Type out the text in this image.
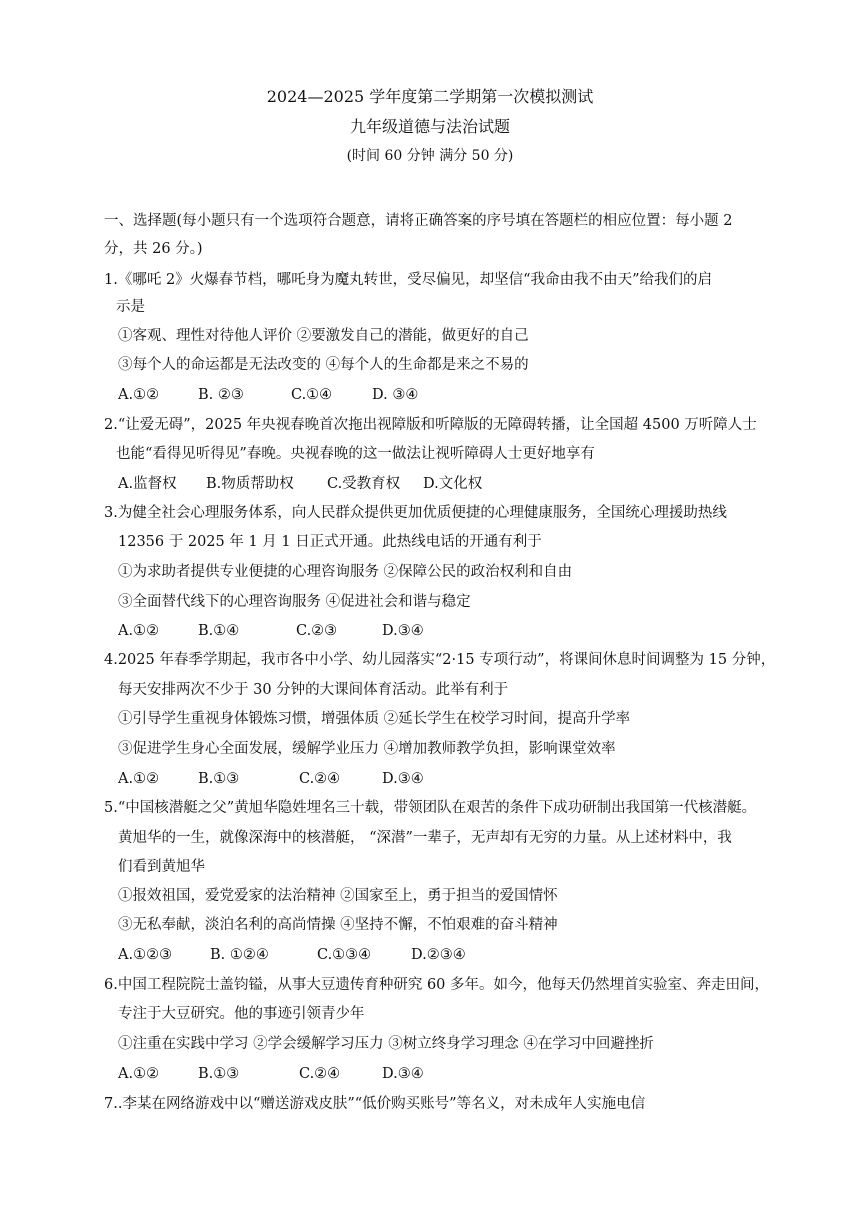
2024—2025 学年度第二学期第一次模拟测试
九年级道德与法治试题
(时间 60 分钟 满分 50 分)
一、选择题(每小题只有一个选项符合题意，请将正确答案的序号填在答题栏的相应位置：每小题 2
分，共 26 分。)
1.《哪吒 2》火爆春节档，哪吒身为魔丸转世，受尽偏见，却坚信“我命由我不由天”给我们的启
示是
①客观、理性对待他人评价 ②要激发自己的潜能，做更好的自己
③每个人的命运都是无法改变的 ④每个人的生命都是来之不易的
A.①②	B. ②③	C.①④	D. ③④
2.“让爱无碍”，2025 年央视春晚首次拖出视障版和听障版的无障碍转播，让全国超 4500 万听障人士
也能“看得见听得见”春晚。央视春晚的这一做法让视听障碍人士更好地享有
A.监督权 B.物质帮助权 C.受教育权 D.文化权
3.为健全社会心理服务体系，向人民群众提供更加优质便捷的心理健康服务，全国统心理援助热线
12356 于 2025 年 1 月 1 日正式开通。此热线电话的开通有利于
①为求助者提供专业便捷的心理咨询服务 ②保障公民的政治权利和自由
③全面替代线下的心理咨询服务 ④促进社会和谐与稳定
A.①②	B.①④	C.②③	D.③④
4.2025 年春季学期起，我市各中小学、幼儿园落实“2·15 专项行动”，将课间休息时间调整为 15 分钟，
每天安排两次不少于 30 分钟的大课间体育活动。此举有利于
①引导学生重视身体锻炼习惯，增强体质 ②延长学生在校学习时间，提高升学率
③促进学生身心全面发展，缓解学业压力 ④增加教师教学负担，影响课堂效率
A.①②	B.①③	C.②④	D.③④
5.“中国核潜艇之父”黄旭华隐姓埋名三十载，带领团队在艰苦的条件下成功研制出我国第一代核潜艇。
黄旭华的一生，就像深海中的核潜艇， “深潜”一辈子，无声却有无穷的力量。从上述材料中，我
们看到黄旭华
①报效祖国，爱党爱家的法治精神 ②国家至上，勇于担当的爱国情怀
③无私奉献，淡泊名利的高尚情操 ④坚持不懈，不怕艰难的奋斗精神
A.①②③	B. ①②④	C.①③④	D.②③④
6.中国工程院院士盖钧镒，从事大豆遗传育种研究 60 多年。如今，他每天仍然埋首实验室、奔走田间，
专注于大豆研究。他的事迹引领青少年
①注重在实践中学习 ②学会缓解学习压力 ③树立终身学习理念 ④在学习中回避挫折
A.①②	B.①③	C.②④	D.③④
7..李某在网络游戏中以“赠送游戏皮肤”“低价购买账号”等名义，对未成年人实施电信
